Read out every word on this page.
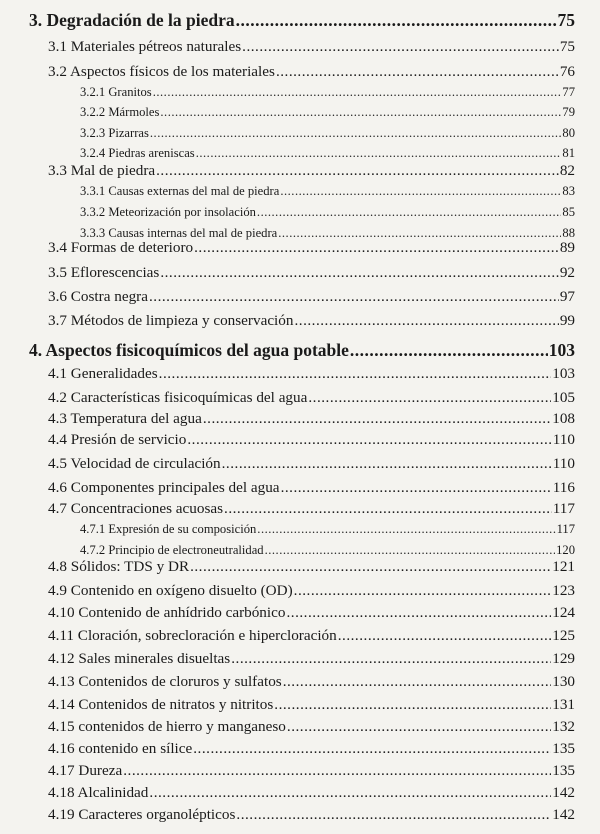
3. Degradación de la piedra .....	75
3.1 Materiales pétreos naturales .....	75
3.2 Aspectos físicos de los materiales .....	76
3.2.1 Granitos .....	77
3.2.2 Mármoles .....	79
3.2.3 Pizarras .....	80
3.2.4 Piedras areniscas .....	81
3.3 Mal de piedra .....	82
3.3.1 Causas externas del mal de piedra .....	83
3.3.2 Meteorización por insolación .....	85
3.3.3 Causas internas del mal de piedra .....	88
3.4 Formas de deterioro .....	89
3.5 Eflorescencias .....	92
3.6 Costra negra .....	97
3.7 Métodos de limpieza y conservación .....	99
4. Aspectos fisicoquímicos del agua potable .....	103
4.1 Generalidades .....	103
4.2 Características fisicoquímicas del agua .....	105
4.3 Temperatura del agua .....	108
4.4 Presión de servicio .....	110
4.5 Velocidad de circulación .....	110
4.6 Componentes principales del agua .....	116
4.7 Concentraciones acuosas .....	117
4.7.1 Expresión de su composición .....	117
4.7.2 Principio de electroneutralidad .....	120
4.8 Sólidos: TDS y DR .....	121
4.9 Contenido en oxígeno disuelto (OD) .....	123
4.10 Contenido de anhídrido carbónico .....	124
4.11 Cloración, sobrecloración e hipercloración .....	125
4.12 Sales minerales disueltas .....	129
4.13 Contenidos de cloruros y sulfatos .....	130
4.14 Contenidos de nitratos y nitritos .....	131
4.15 contenidos de hierro y manganeso .....	132
4.16 contenido en sílice .....	135
4.17 Dureza .....	135
4.18 Alcalinidad .....	142
4.19 Caracteres organolépticos .....	142
